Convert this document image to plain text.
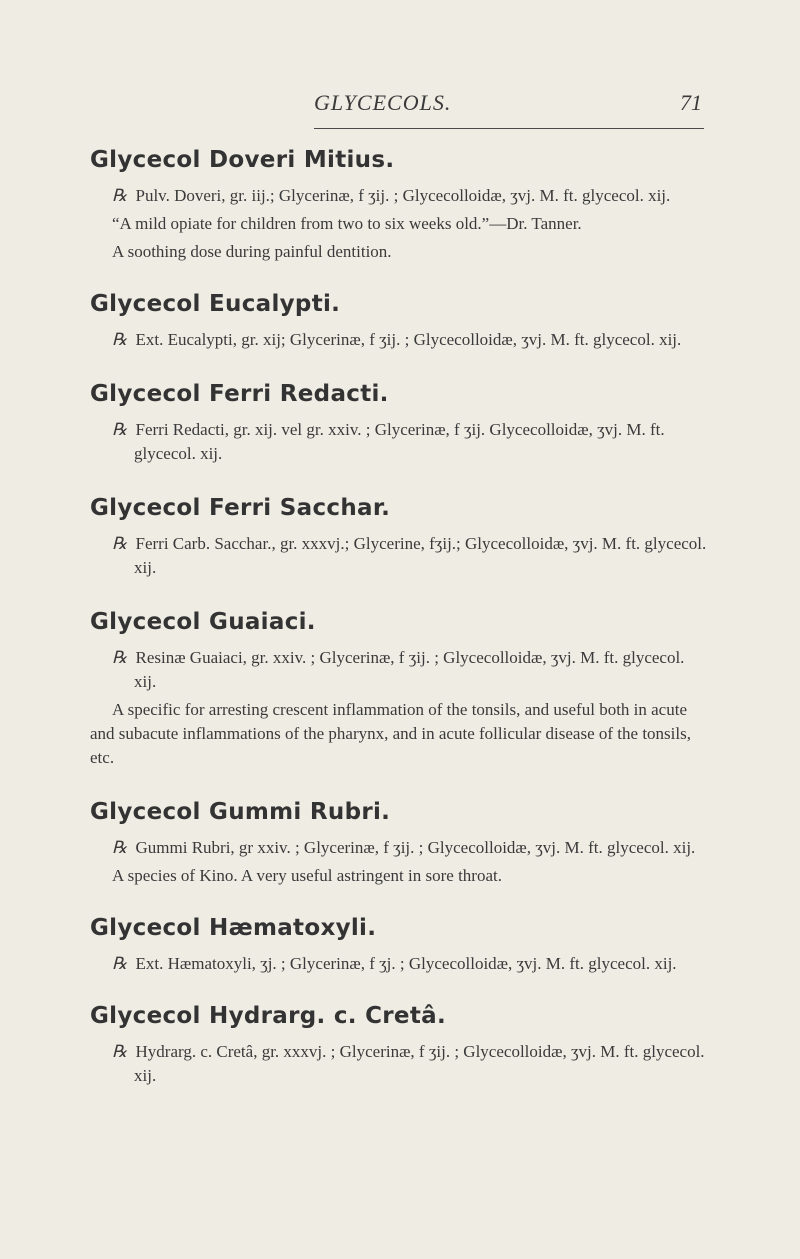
GLYCECOLS.	71
Glycecol Doveri Mitius.

℞ Pulv. Doveri, gr. iij.; Glycerinæ, f ʒij. ; Glycecolloidæ, ʒvj. M. ft. glycecol. xij.

“A mild opiate for children from two to six weeks old.”—Dr. Tanner.

A soothing dose during painful dentition.

Glycecol Eucalypti.

℞ Ext. Eucalypti, gr. xij; Glycerinæ, f ʒij. ; Glycecolloidæ, ʒvj. M. ft. glycecol. xij.

Glycecol Ferri Redacti.

℞ Ferri Redacti, gr. xij. vel gr. xxiv. ; Glycerinæ, f ʒij. Glycecolloidæ, ʒvj. M. ft. glycecol. xij.

Glycecol Ferri Sacchar.

℞ Ferri Carb. Sacchar., gr. xxxvj.; Glycerine, fʒij.; Glycecolloidæ, ʒvj. M. ft. glycecol. xij.

Glycecol Guaiaci.

℞ Resinæ Guaiaci, gr. xxiv. ; Glycerinæ, f ʒij. ; Glycecolloidæ, ʒvj. M. ft. glycecol. xij.

A specific for arresting crescent inflammation of the tonsils, and useful both in acute and subacute inflammations of the pharynx, and in acute follicular disease of the tonsils, etc.

Glycecol Gummi Rubri.

℞ Gummi Rubri, gr xxiv. ; Glycerinæ, f ʒij. ; Glycecolloidæ, ʒvj. M. ft. glycecol. xij.

A species of Kino. A very useful astringent in sore throat.

Glycecol Hæmatoxyli.

℞ Ext. Hæmatoxyli, ʒj. ; Glycerinæ, f ʒj. ; Glycecolloidæ, ʒvj. M. ft. glycecol. xij.

Glycecol Hydrarg. c. Cretâ.

℞ Hydrarg. c. Cretâ, gr. xxxvj. ; Glycerinæ, f ʒij. ; Glycecolloidæ, ʒvj. M. ft. glycecol. xij.
